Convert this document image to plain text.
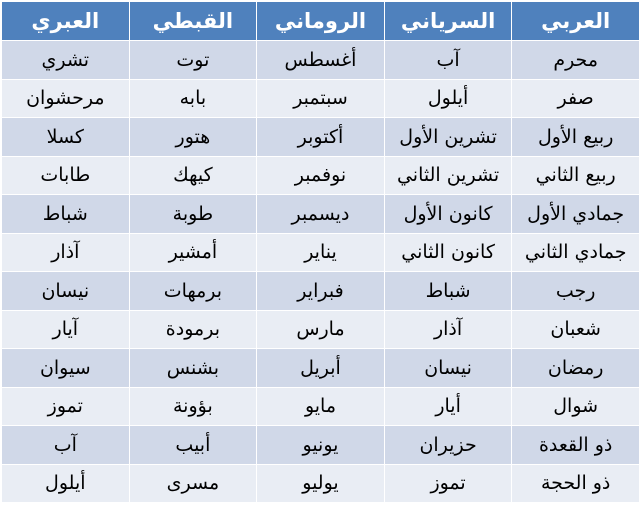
العربي	السرياني	الروماني	القبطي	العبري
محرم	آب	أغسطس	توت	تشري
صفر	أيلول	سبتمبر	بابه	مرحشوان
ربيع الأول	تشرين الأول	أكتوبر	هتور	كسلا
ربيع الثاني	تشرين الثاني	نوفمبر	كيهك	طابات
جمادي الأول	كانون الأول	ديسمبر	طوبة	شباط
جمادي الثاني	كانون الثاني	يناير	أمشير	آذار
رجب	شباط	فبراير	برمهات	نيسان
شعبان	آذار	مارس	برمودة	آيار
رمضان	نيسان	أبريل	بشنس	سيوان
شوال	أيار	مايو	بؤونة	تموز
ذو القعدة	حزيران	يونيو	أبيب	آب
ذو الحجة	تموز	يوليو	مسرى	أيلول
